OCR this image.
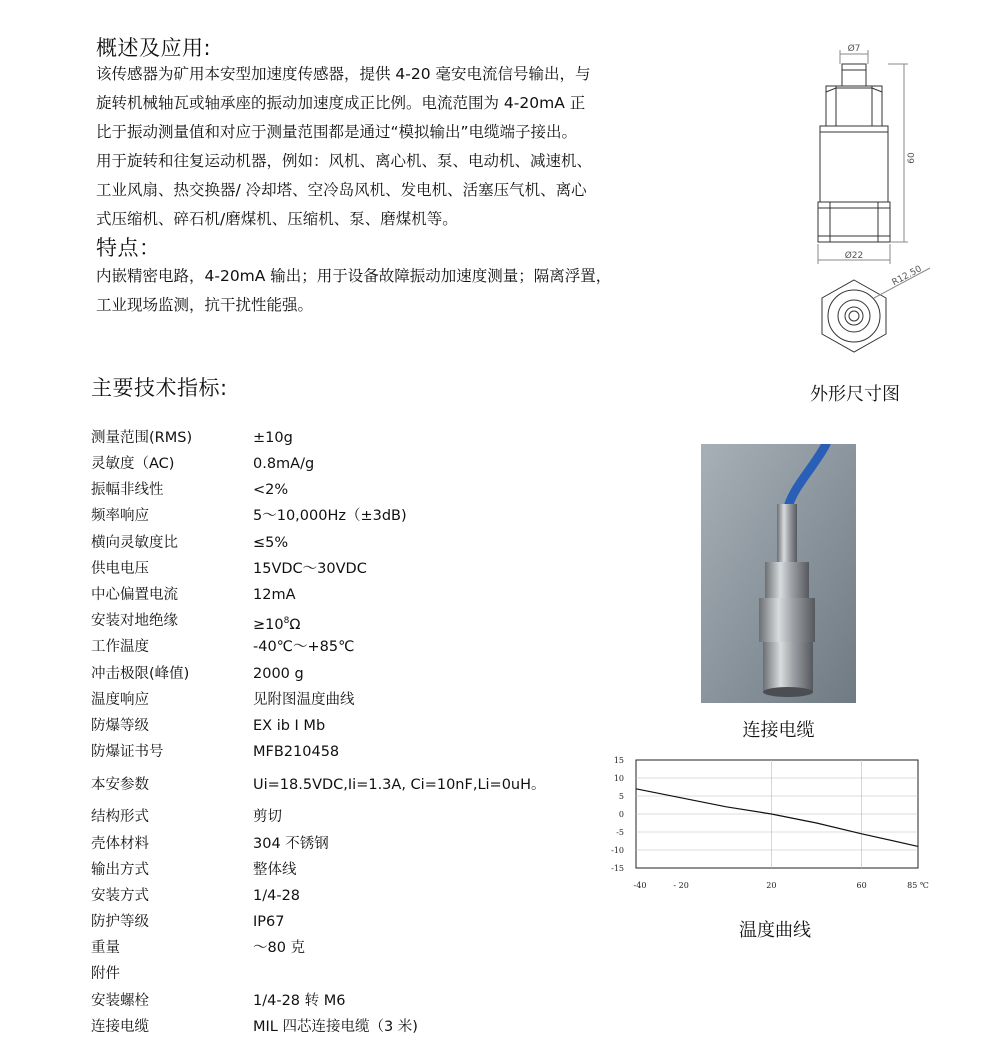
概述及应用:
该传感器为矿用本安型加速度传感器，提供 4-20 毫安电流信号输出，与
旋转机械轴瓦或轴承座的振动加速度成正比例。电流范围为 4-20mA 正
比于振动测量值和对应于测量范围都是通过“模拟输出”电缆端子接出。
用于旋转和往复运动机器，例如：风机、离心机、泵、电动机、减速机、
工业风扇、热交换器/ 冷却塔、空冷岛风机、发电机、活塞压气机、离心
式压缩机、碎石机/磨煤机、压缩机、泵、磨煤机等。
特点：
内嵌精密电路，4-20mA 输出；用于设备故障振动加速度测量；隔离浮置，
工业现场监测，抗干扰性能强。
主要技术指标:
测量范围(RMS)	±10g
灵敏度（AC)	0.8mA/g
振幅非线性	<2%
频率响应	5～10,000Hz（±3dB)
横向灵敏度比	≤5%
供电电压	15VDC～30VDC
中心偏置电流	12mA
安装对地绝缘	$\ge 10^8\Omega$
工作温度	-40℃～+85℃
冲击极限(峰值)	2000 g
温度响应	见附图温度曲线
防爆等级	EX ib I Mb
防爆证书号	MFB210458
本安参数	Ui=18.5VDC,Ii=1.3A, Ci=10nF,Li=0uH。
结构形式	剪切
壳体材料	304 不锈钢
输出方式	整体线
安装方式	1/4-28
防护等级	IP67
重量	～80 克
附件
安装螺栓	1/4-28 转 M6
连接电缆	MIL 四芯连接电缆（3 米)
Ø7
60
Ø22
R12.50
外形尺寸图
连接电缆
15
10
5
0
-5
-10
-15
-40	- 20	20	60	85 ℃
温度曲线
